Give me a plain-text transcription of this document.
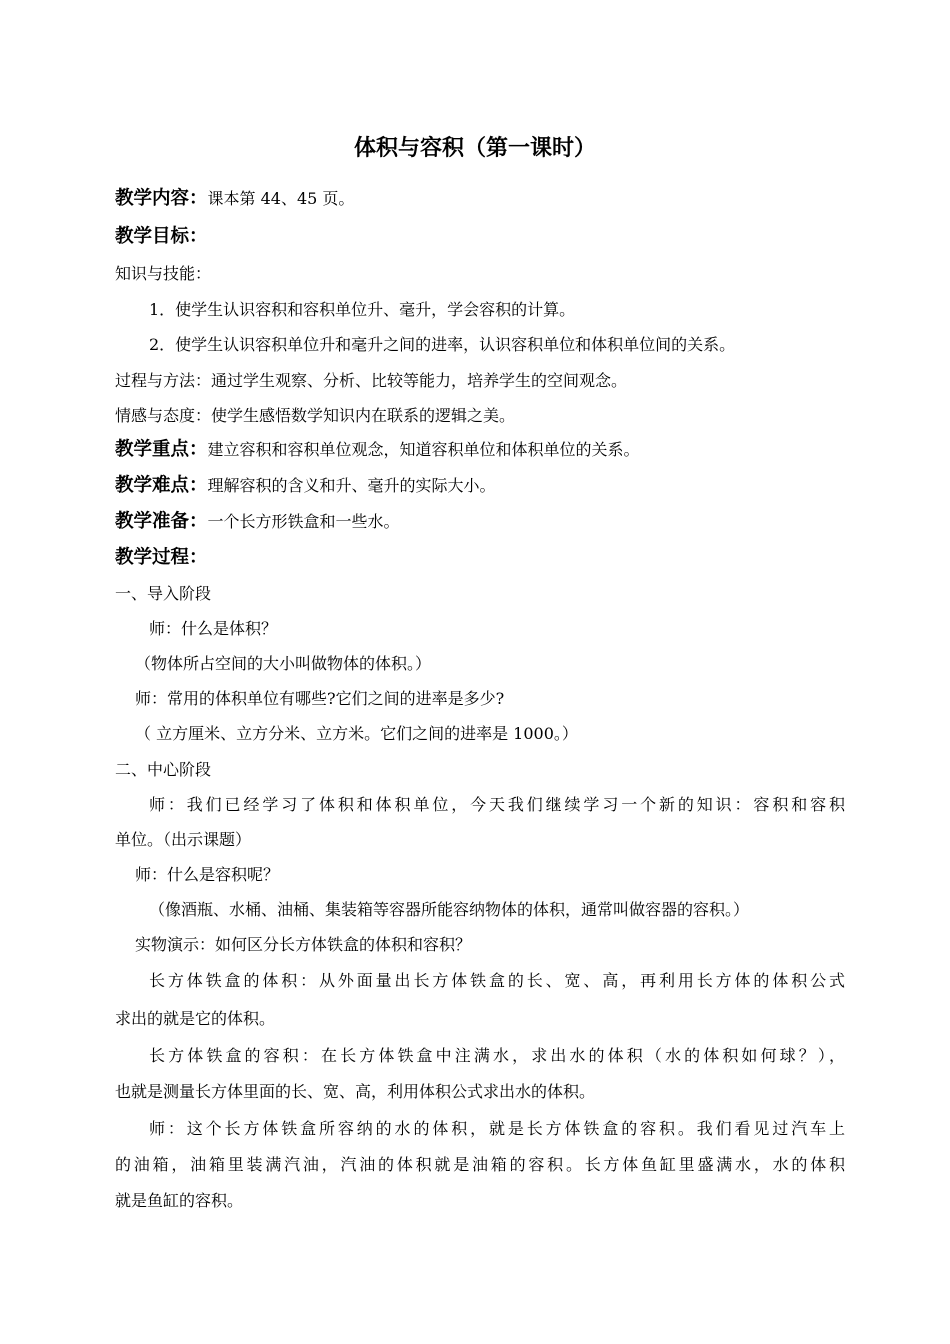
体积与容积（第一课时）
教学内容：课本第 44、45 页。
教学目标：
知识与技能：
1．使学生认识容积和容积单位升、毫升，学会容积的计算。
2．使学生认识容积单位升和毫升之间的进率，认识容积单位和体积单位间的关系。
过程与方法：通过学生观察、分析、比较等能力，培养学生的空间观念。
情感与态度：使学生感悟数学知识内在联系的逻辑之美。
教学重点：建立容积和容积单位观念，知道容积单位和体积单位的关系。
教学难点：理解容积的含义和升、毫升的实际大小。
教学准备：一个长方形铁盒和一些水。
教学过程：
一、导入阶段
师：什么是体积？
（物体所占空间的大小叫做物体的体积。）
师：常用的体积单位有哪些?它们之间的进率是多少?
（ 立方厘米、立方分米、立方米。它们之间的进率是 1000。）
二、中心阶段
师：我们已经学习了体积和体积单位，今天我们继续学习一个新的知识：容积和容积
单位。（出示课题）
师：什么是容积呢？
（像酒瓶、水桶、油桶、集装箱等容器所能容纳物体的体积，通常叫做容器的容积。）
实物演示：如何区分长方体铁盒的体积和容积？
长方体铁盒的体积：从外面量出长方体铁盒的长、宽、高，再利用长方体的体积公式
求出的就是它的体积。
长方体铁盒的容积：在长方体铁盒中注满水，求出水的体积（水的体积如何球？），
也就是测量长方体里面的长、宽、高，利用体积公式求出水的体积。
师：这个长方体铁盒所容纳的水的体积，就是长方体铁盒的容积。我们看见过汽车上
的油箱，油箱里装满汽油，汽油的体积就是油箱的容积。长方体鱼缸里盛满水，水的体积
就是鱼缸的容积。
